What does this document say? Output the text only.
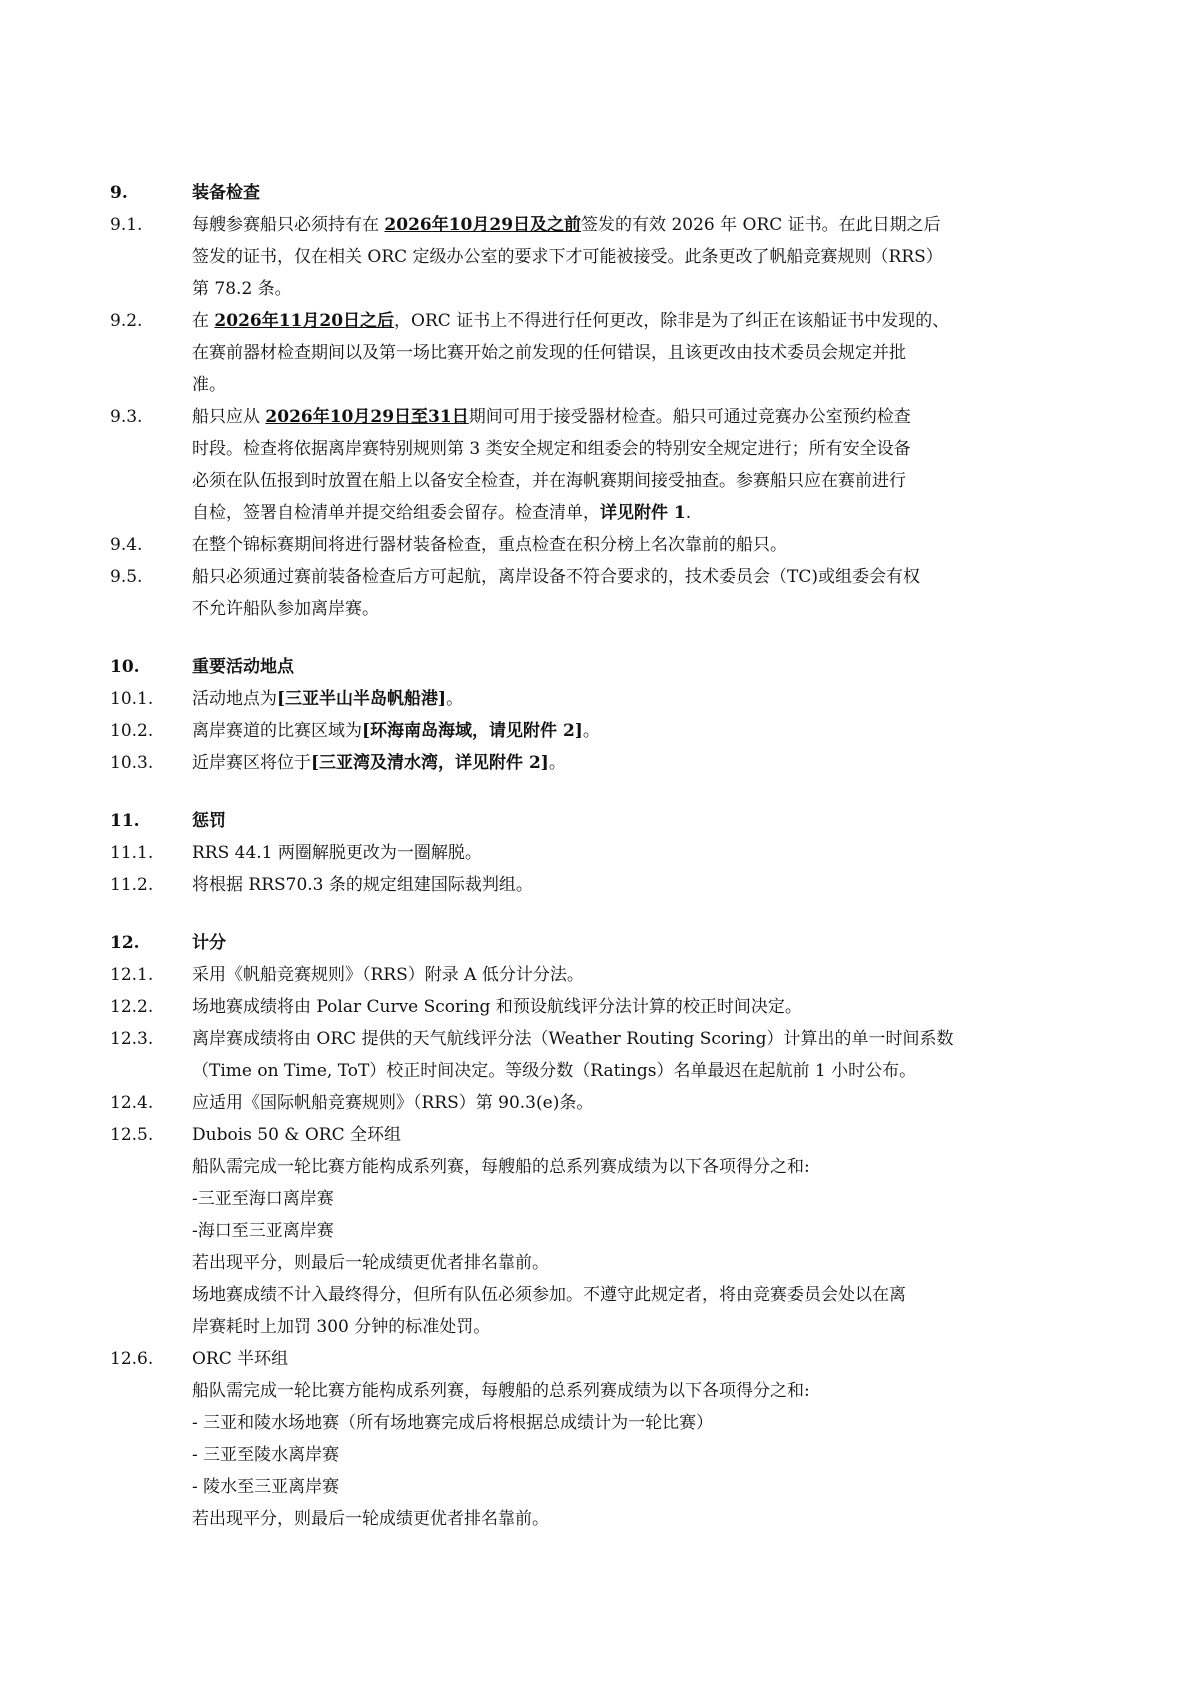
9.	装备检查
9.1.	每艘参赛船只必须持有在 2026年10月29日及之前签发的有效 2026 年 ORC 证书。在此日期之后
签发的证书，仅在相关 ORC 定级办公室的要求下才可能被接受。此条更改了帆船竞赛规则（RRS）
第 78.2 条。
9.2.	在 2026年11月20日之后，ORC 证书上不得进行任何更改，除非是为了纠正在该船证书中发现的、
在赛前器材检查期间以及第一场比赛开始之前发现的任何错误，且该更改由技术委员会规定并批
准。
9.3.	船只应从 2026年10月29日至31日期间可用于接受器材检查。船只可通过竞赛办公室预约检查
时段。检查将依据离岸赛特别规则第 3 类安全规定和组委会的特别安全规定进行；所有安全设备
必须在队伍报到时放置在船上以备安全检查，并在海帆赛期间接受抽查。参赛船只应在赛前进行
自检，签署自检清单并提交给组委会留存。检查清单，详见附件 1.
9.4.	在整个锦标赛期间将进行器材装备检查，重点检查在积分榜上名次靠前的船只。
9.5.	船只必须通过赛前装备检查后方可起航，离岸设备不符合要求的，技术委员会（TC)或组委会有权
不允许船队参加离岸赛。
10.	重要活动地点
10.1.	活动地点为[三亚半山半岛帆船港]。
10.2.	离岸赛道的比赛区域为[环海南岛海域，请见附件 2]。
10.3.	近岸赛区将位于[三亚湾及清水湾，详见附件 2]。
11.	惩罚
11.1.	RRS 44.1 两圈解脱更改为一圈解脱。
11.2.	将根据 RRS70.3 条的规定组建国际裁判组。
12.	计分
12.1.	采用《帆船竞赛规则》（RRS）附录 A 低分计分法。
12.2.	场地赛成绩将由 Polar Curve Scoring 和预设航线评分法计算的校正时间决定。
12.3.	离岸赛成绩将由 ORC 提供的天气航线评分法（Weather Routing Scoring）计算出的单一时间系数
（Time on Time, ToT）校正时间决定。等级分数（Ratings）名单最迟在起航前 1 小时公布。
12.4.	应适用《国际帆船竞赛规则》（RRS）第 90.3(e)条。
12.5.	Dubois 50 & ORC 全环组
船队需完成一轮比赛方能构成系列赛，每艘船的总系列赛成绩为以下各项得分之和:
-三亚至海口离岸赛
-海口至三亚离岸赛
若出现平分，则最后一轮成绩更优者排名靠前。
场地赛成绩不计入最终得分，但所有队伍必须参加。不遵守此规定者，将由竞赛委员会处以在离
岸赛耗时上加罚 300 分钟的标准处罚。
12.6.	ORC 半环组
船队需完成一轮比赛方能构成系列赛，每艘船的总系列赛成绩为以下各项得分之和:
- 三亚和陵水场地赛（所有场地赛完成后将根据总成绩计为一轮比赛）
- 三亚至陵水离岸赛
- 陵水至三亚离岸赛
若出现平分，则最后一轮成绩更优者排名靠前。
